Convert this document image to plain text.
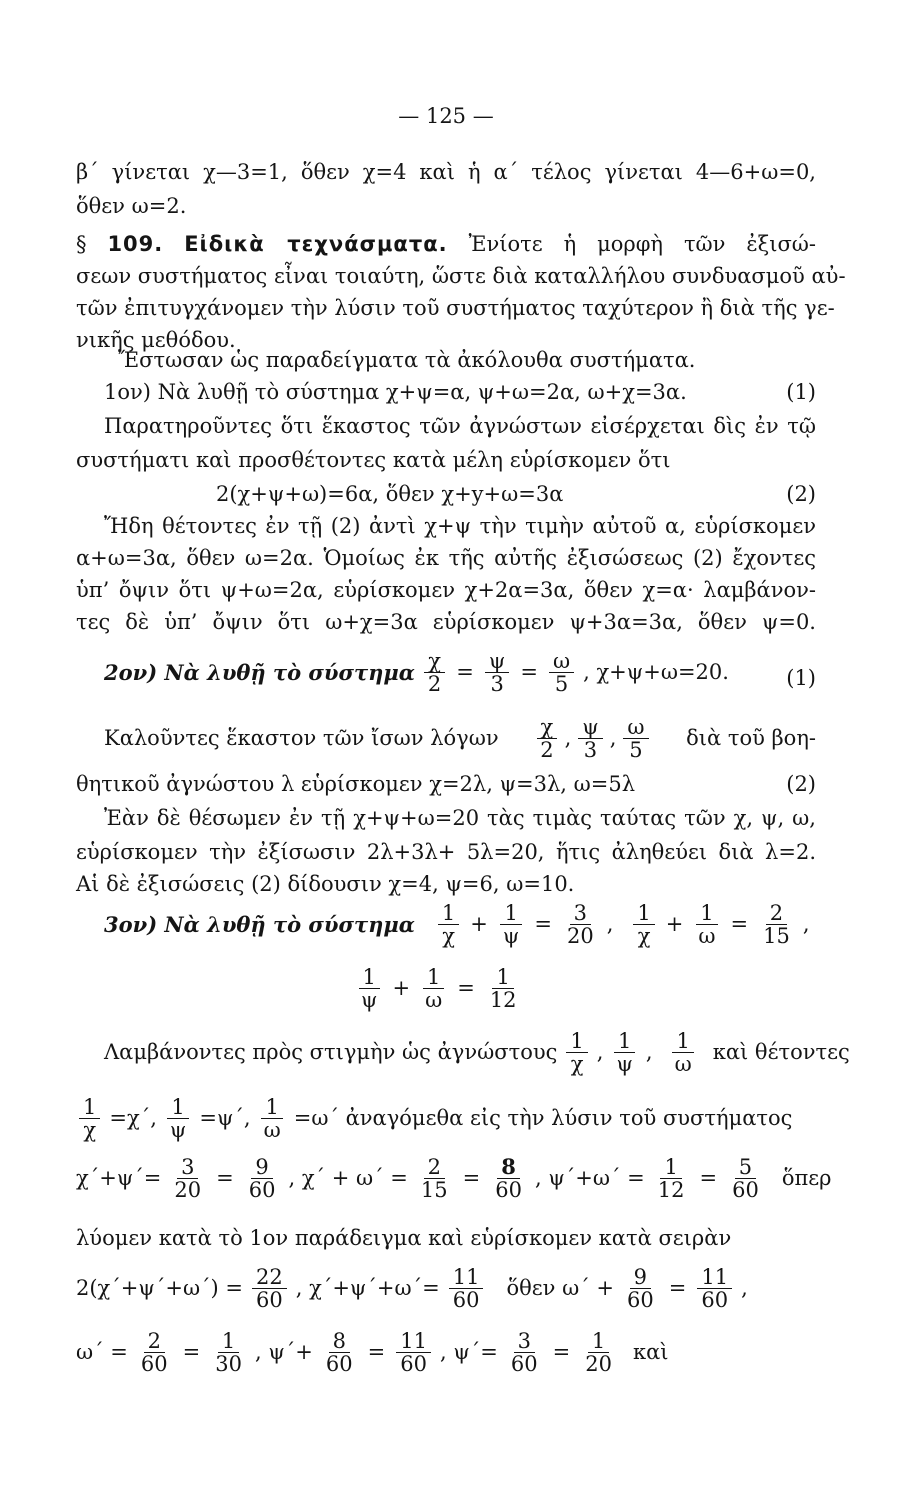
— 125 —
β΄ γίνεται χ—3=1, ὅθεν χ=4 καὶ ἡ α΄ τέλος γίνεται 4—6+ω=0,
ὅθεν ω=2.
§ 109. Εἰδικὰ τεχνάσματα. Ἐνίοτε ἡ μορφὴ τῶν ἐξισώ-
σεων συστήματος εἶναι τοιαύτη, ὥστε διὰ καταλλήλου συνδυασμοῦ αὐ-
τῶν ἐπιτυγχάνομεν τὴν λύσιν τοῦ συστήματος ταχύτερον ἢ διὰ τῆς γε-
νικῆς μεθόδου.
Ἔστωσαν ὡς παραδείγματα τὰ ἀκόλουθα συστήματα.
1ον) Νὰ λυθῇ τὸ σύστημα χ+ψ=α, ψ+ω=2α, ω+χ=3α.	(1)
Παρατηροῦντες ὅτι ἕκαστος τῶν ἀγνώστων εἰσέρχεται δὶς ἐν τῷ
συστήματι καὶ προσθέτοντες κατὰ μέλη εὑρίσκομεν ὅτι
2(χ+ψ+ω)=6α, ὅθεν χ+y+ω=3α	(2)
Ἤδη θέτοντες ἐν τῇ (2) ἀντὶ χ+ψ τὴν τιμὴν αὐτοῦ α, εὑρίσκομεν
α+ω=3α, ὅθεν ω=2α. Ὁμοίως ἐκ τῆς αὐτῆς ἐξισώσεως (2) ἔχοντες
ὑπ’ ὄψιν ὅτι ψ+ω=2α, εὑρίσκομεν χ+2α=3α, ὅθεν χ=α· λαμβάνον-
τες δὲ ὑπ’ ὄψιν ὅτι ω+χ=3α εὑρίσκομεν ψ+3α=3α, ὅθεν ψ=0.
2ον) Νὰ λυθῇ τὸ σύστημα $\frac{\chi}{2} = \frac{\psi}{3} = \frac{\omega}{5}$ , χ+ψ+ω=20.	(1)
Καλοῦντες ἕκαστον τῶν ἴσων λόγων $\frac{\chi}{2}$ , $\frac{\psi}{3}$ , $\frac{\omega}{5}$ διὰ τοῦ βοη-
θητικοῦ ἀγνώστου λ εὑρίσκομεν χ=2λ, ψ=3λ, ω=5λ	(2)
Ἐὰν δὲ θέσωμεν ἐν τῇ χ+ψ+ω=20 τὰς τιμὰς ταύτας τῶν χ, ψ, ω,
εὑρίσκομεν τὴν ἐξίσωσιν 2λ+3λ+ 5λ=20, ἥτις ἀληθεύει διὰ λ=2.
Αἱ δὲ ἐξισώσεις (2) δίδουσιν χ=4, ψ=6, ω=10.
3ον) Νὰ λυθῇ τὸ σύστημα $\frac{1}{\chi} + \frac{1}{\psi} = \frac{3}{20}$ , $\frac{1}{\chi} + \frac{1}{\omega} = \frac{2}{15}$ ,
$\frac{1}{\psi} + \frac{1}{\omega} = \frac{1}{12}$
Λαμβάνοντες πρὸς στιγμὴν ὡς ἀγνώστους $\frac{1}{\chi}$ , $\frac{1}{\psi}$ , $\frac{1}{\omega}$ καὶ θέτοντες
$\frac{1}{\chi} =\chi΄$, $\frac{1}{\psi} =\psi΄$, $\frac{1}{\omega} =\omega΄$ ἀναγόμεθα εἰς τὴν λύσιν τοῦ συστήματος
$\chi΄+\psi΄= \frac{3}{20} = \frac{9}{60}$ , $\chi΄ + \omega΄ = \frac{2}{15} = \frac{8}{60}$ , $\psi΄+\omega΄ = \frac{1}{12} = \frac{5}{60}$ ὅπερ
λύομεν κατὰ τὸ 1ον παράδειγμα καὶ εὑρίσκομεν κατὰ σειρὰν
$2(\chi΄+\psi΄+\omega΄) = \frac{22}{60}$ , $\chi΄+\psi΄+\omega΄= \frac{11}{60}$ ὅθεν $\omega΄ + \frac{9}{60} = \frac{11}{60}$ ,
$\omega΄ = \frac{2}{60} = \frac{1}{30}$ , $\psi΄+ \frac{8}{60} = \frac{11}{60}$ , $\psi΄= \frac{3}{60} = \frac{1}{20}$ καὶ
